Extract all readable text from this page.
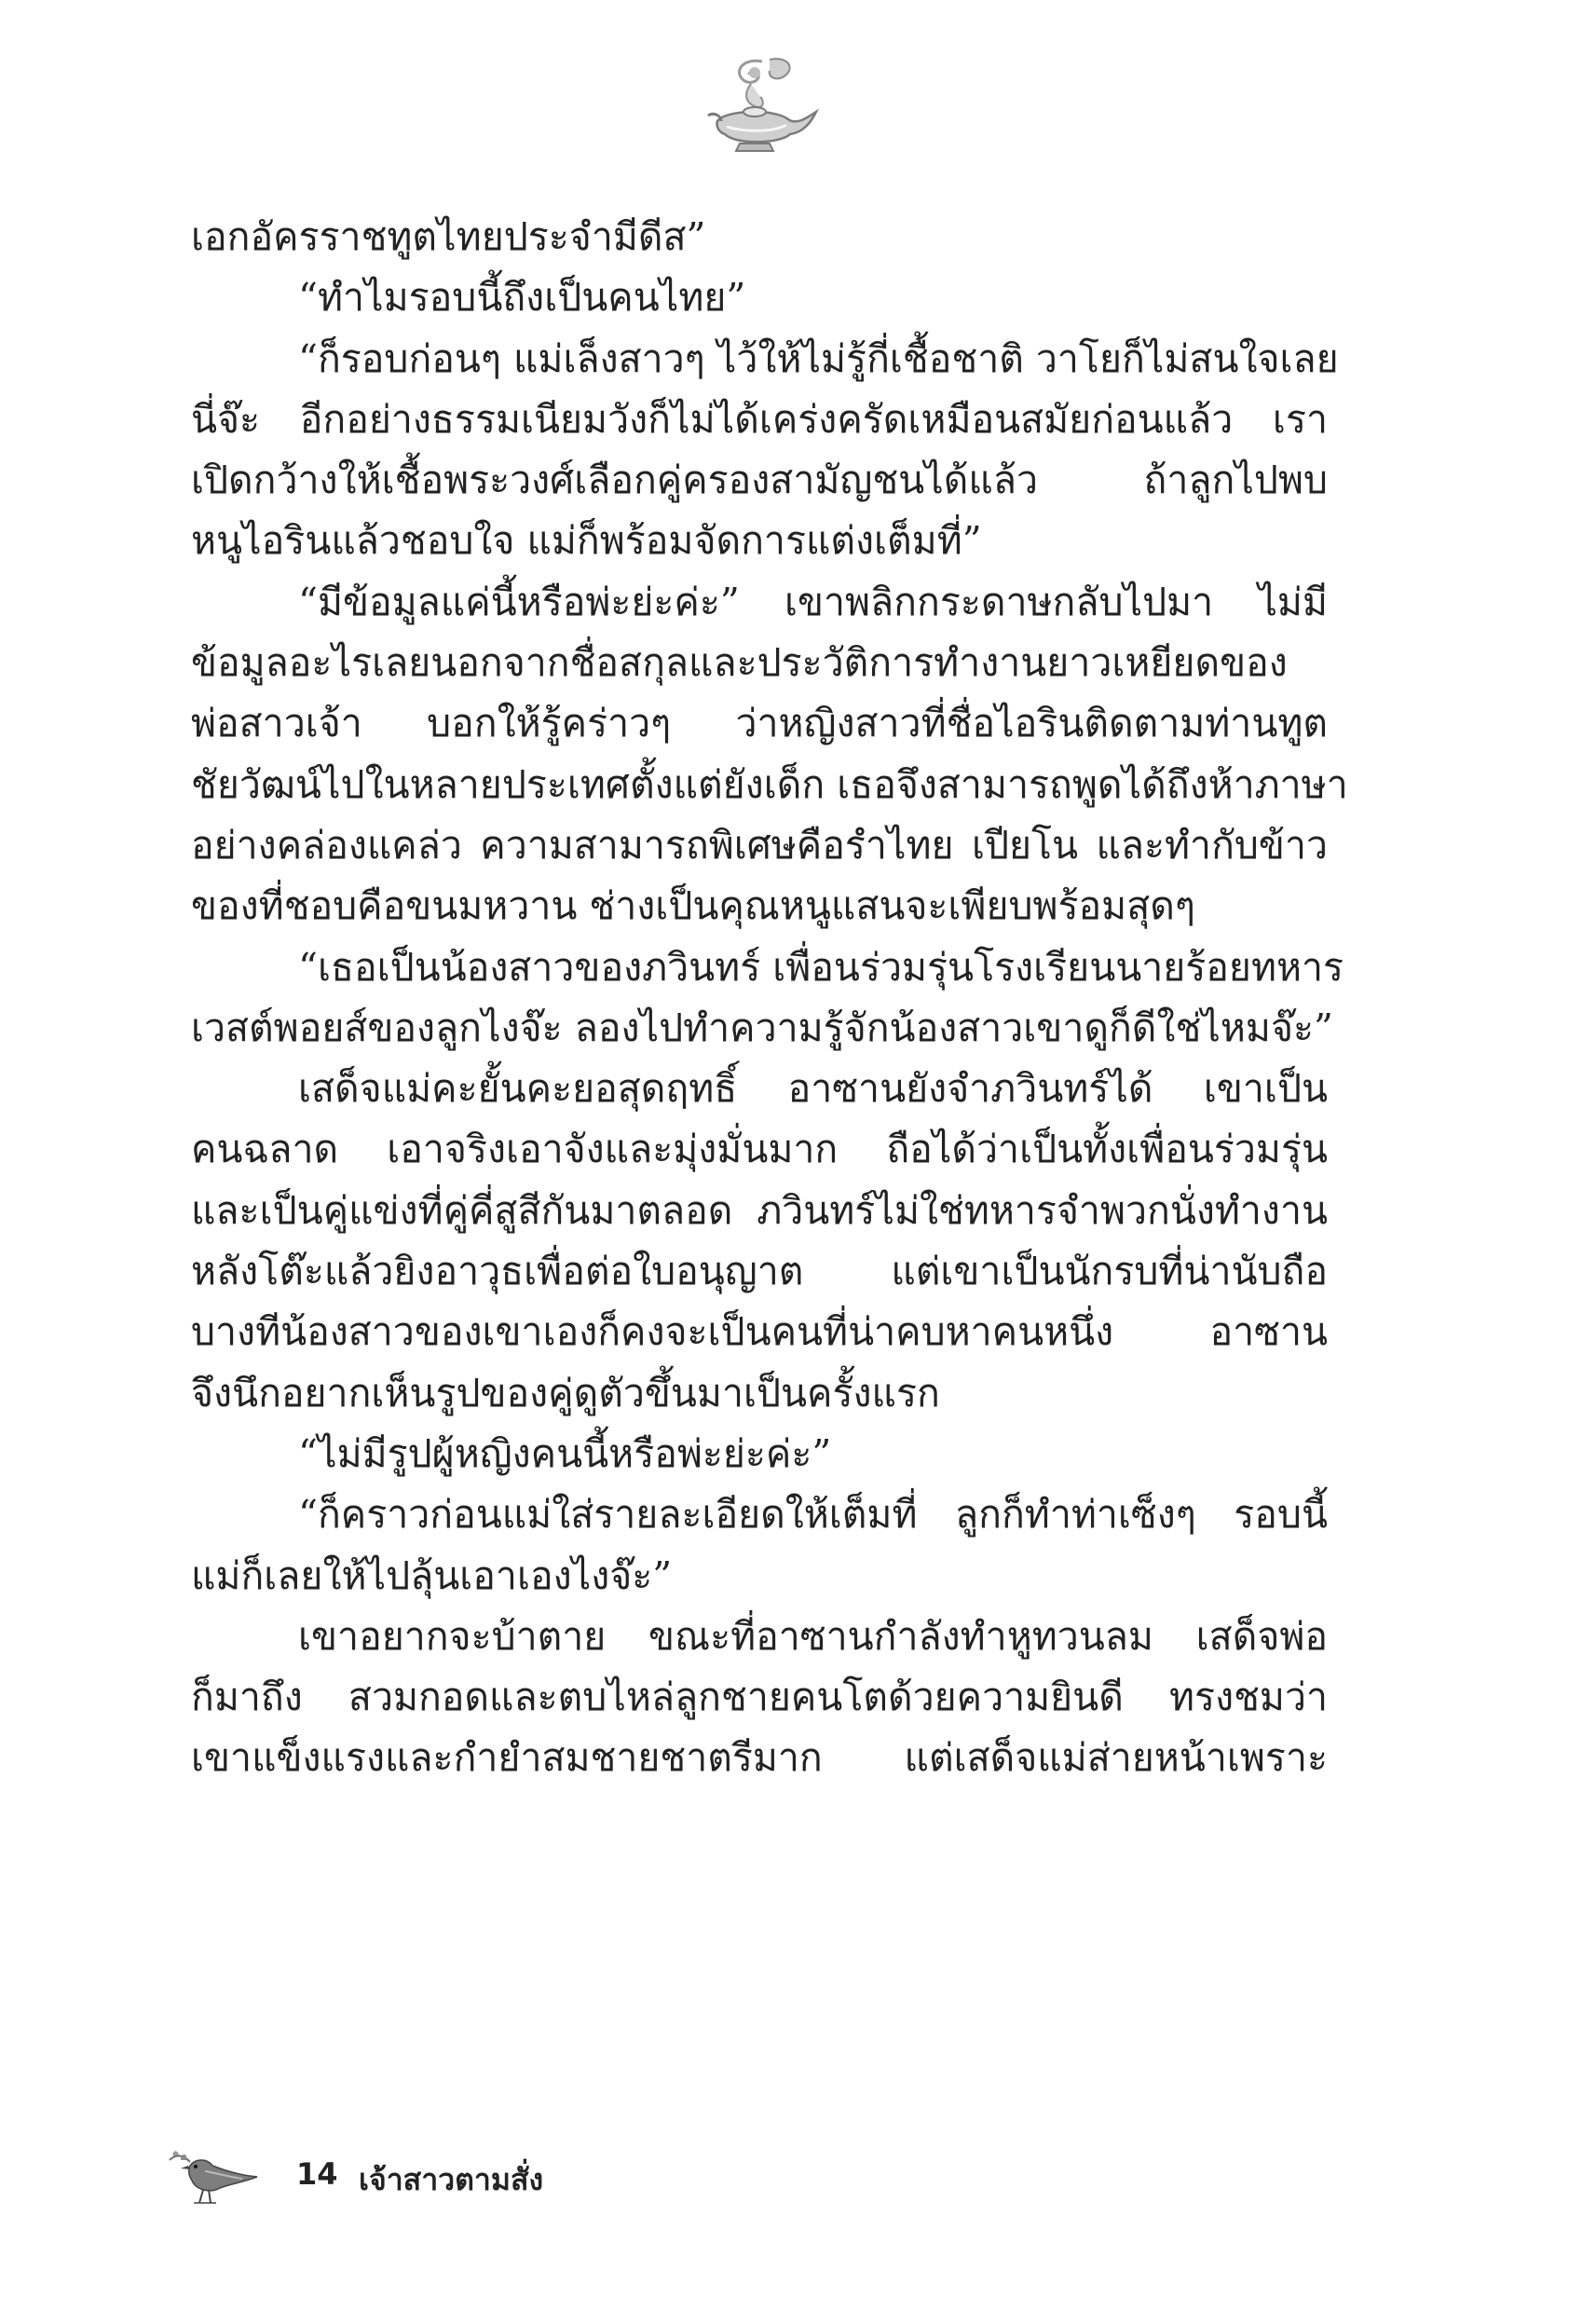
เอกอัครราชทูตไทยประจำมีดีส”
“ทำไมรอบนี้ถึงเป็นคนไทย”
“ก็รอบก่อนๆ แม่เล็งสาวๆ ไว้ให้ไม่รู้กี่เชื้อชาติ วาโยก็ไม่สนใจเลย
นี่จ๊ะ อีกอย่างธรรมเนียมวังก็ไม่ได้เคร่งครัดเหมือนสมัยก่อนแล้ว เรา
เปิดกว้างให้เชื้อพระวงศ์เลือกคู่ครองสามัญชนได้แล้ว ถ้าลูกไปพบ
หนูไอรินแล้วชอบใจ แม่ก็พร้อมจัดการแต่งเต็มที่”
“มีข้อมูลแค่นี้หรือพ่ะย่ะค่ะ” เขาพลิกกระดาษกลับไปมา ไม่มี
ข้อมูลอะไรเลยนอกจากชื่อสกุลและประวัติการทำงานยาวเหยียดของ
พ่อสาวเจ้า บอกให้รู้คร่าวๆ ว่าหญิงสาวที่ชื่อไอรินติดตามท่านทูต
ชัยวัฒน์ไปในหลายประเทศตั้งแต่ยังเด็ก เธอจึงสามารถพูดได้ถึงห้าภาษา
อย่างคล่องแคล่ว ความสามารถพิเศษคือรำไทย เปียโน และทำกับข้าว
ของที่ชอบคือขนมหวาน ช่างเป็นคุณหนูแสนจะเพียบพร้อมสุดๆ
“เธอเป็นน้องสาวของภวินทร์ เพื่อนร่วมรุ่นโรงเรียนนายร้อยทหาร
เวสต์พอยส์ของลูกไงจ๊ะ ลองไปทำความรู้จักน้องสาวเขาดูก็ดีใช่ไหมจ๊ะ”
เสด็จแม่คะยั้นคะยอสุดฤทธิ์ อาซานยังจำภวินทร์ได้ เขาเป็น
คนฉลาด เอาจริงเอาจังและมุ่งมั่นมาก ถือได้ว่าเป็นทั้งเพื่อนร่วมรุ่น
และเป็นคู่แข่งที่คู่คี่สูสีกันมาตลอด ภวินทร์ไม่ใช่ทหารจำพวกนั่งทำงาน
หลังโต๊ะแล้วยิงอาวุธเพื่อต่อใบอนุญาต แต่เขาเป็นนักรบที่น่านับถือ
บางทีน้องสาวของเขาเองก็คงจะเป็นคนที่น่าคบหาคนหนึ่ง อาซาน
จึงนึกอยากเห็นรูปของคู่ดูตัวขึ้นมาเป็นครั้งแรก
“ไม่มีรูปผู้หญิงคนนี้หรือพ่ะย่ะค่ะ”
“ก็คราวก่อนแม่ใส่รายละเอียดให้เต็มที่ ลูกก็ทำท่าเซ็งๆ รอบนี้
แม่ก็เลยให้ไปลุ้นเอาเองไงจ๊ะ”
เขาอยากจะบ้าตาย ขณะที่อาซานกำลังทำหูทวนลม เสด็จพ่อ
ก็มาถึง สวมกอดและตบไหล่ลูกชายคนโตด้วยความยินดี ทรงชมว่า
เขาแข็งแรงและกำยำสมชายชาตรีมาก แต่เสด็จแม่ส่ายหน้าเพราะ
14 เจ้าสาวตามสั่ง
